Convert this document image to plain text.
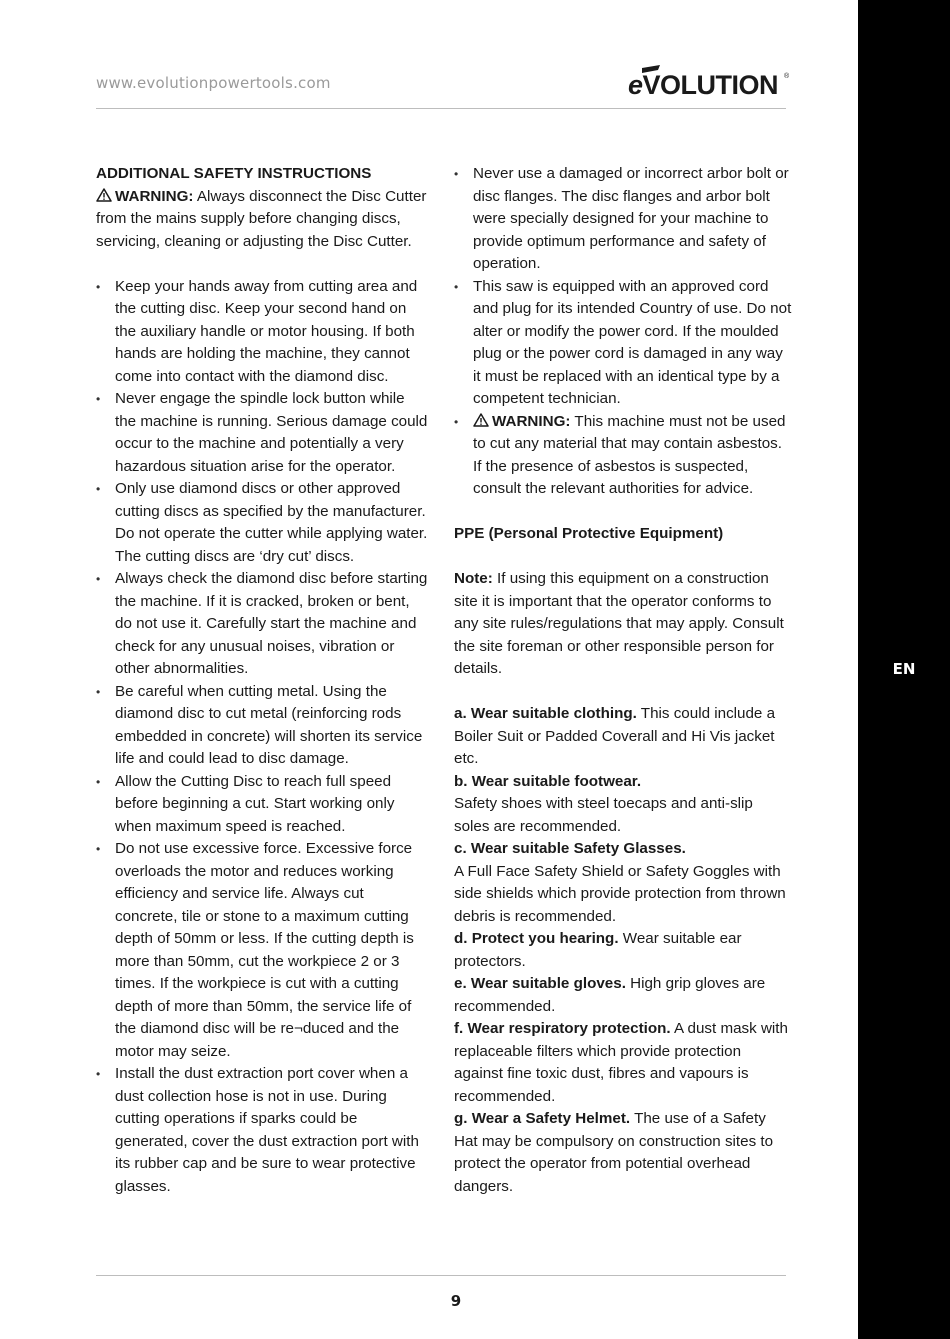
www.evolutionpowertools.com	eVOLUTION ®
EN

ADDITIONAL SAFETY INSTRUCTIONS

WARNING: Always disconnect the Disc Cutter from the mains supply before changing discs, servicing, cleaning or adjusting the Disc Cutter.

• Keep your hands away from cutting area and the cutting disc. Keep your second hand on the auxiliary handle or motor housing. If both hands are holding the machine, they cannot come into contact with the diamond disc.
• Never engage the spindle lock button while the machine is running. Serious damage could occur to the machine and potentially a very hazardous situation arise for the operator.
• Only use diamond discs or other approved cutting discs as specified by the manufacturer. Do not operate the cutter while applying water. The cutting discs are ‘dry cut’ discs.
• Always check the diamond disc before starting the machine. If it is cracked, broken or bent, do not use it. Carefully start the machine and check for any unusual noises, vibration or other abnormalities.
• Be careful when cutting metal. Using the diamond disc to cut metal (reinforcing rods embedded in concrete) will shorten its service life and could lead to disc damage.
• Allow the Cutting Disc to reach full speed before beginning a cut. Start working only when maximum speed is reached.
• Do not use excessive force. Excessive force overloads the motor and reduces working efficiency and service life. Always cut concrete, tile or stone to a maximum cutting depth of 50mm or less. If the cutting depth is more than 50mm, cut the workpiece 2 or 3 times. If the workpiece is cut with a cutting depth of more than 50mm, the service life of the diamond disc will be re¬duced and the motor may seize.
• Install the dust extraction port cover when a dust collection hose is not in use. During cutting operations if sparks could be generated, cover the dust extraction port with its rubber cap and be sure to wear protective glasses.
• Never use a damaged or incorrect arbor bolt or disc flanges. The disc flanges and arbor bolt were specially designed for your machine to provide optimum performance and safety of operation.
• This saw is equipped with an approved cord and plug for its intended Country of use. Do not alter or modify the power cord. If the moulded plug or the power cord is damaged in any way it must be replaced with an identical type by a competent technician.
• WARNING: This machine must not be used to cut any material that may contain asbestos. If the presence of asbestos is suspected, consult the relevant authorities for advice.

PPE (Personal Protective Equipment)

Note: If using this equipment on a construction site it is important that the operator conforms to any site rules/regulations that may apply. Consult the site foreman or other responsible person for details.

a. Wear suitable clothing. This could include a Boiler Suit or Padded Coverall and Hi Vis jacket etc.

b. Wear suitable footwear.

Safety shoes with steel toecaps and anti-slip soles are recommended.

c. Wear suitable Safety Glasses.

A Full Face Safety Shield or Safety Goggles with side shields which provide protection from thrown debris is recommended.

d. Protect you hearing. Wear suitable ear protectors.

e. Wear suitable gloves. High grip gloves are recommended.

f. Wear respiratory protection. A dust mask with replaceable filters which provide protection against fine toxic dust, fibres and vapours is recommended.

g. Wear a Safety Helmet. The use of a Safety Hat may be compulsory on construction sites to protect the operator from potential overhead dangers.

9
